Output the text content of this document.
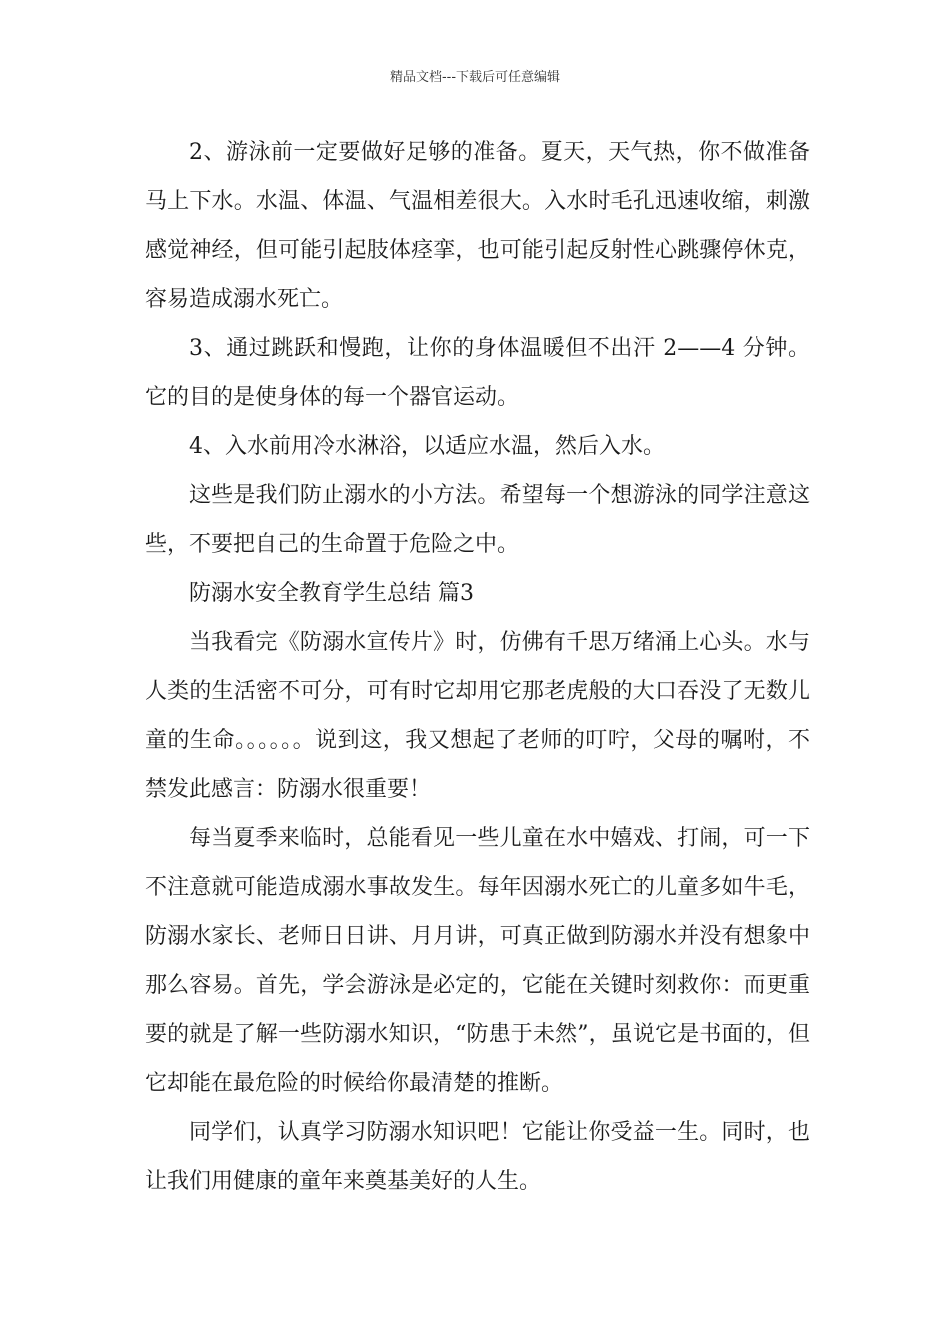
精品文档---下载后可任意编辑

2、游泳前一定要做好足够的准备。夏天，天气热，你不做准备马上下水。水温、体温、气温相差很大。入水时毛孔迅速收缩，刺激感觉神经，但可能引起肢体痉挛，也可能引起反射性心跳骤停休克，容易造成溺水死亡。

3、通过跳跃和慢跑，让你的身体温暖但不出汗 2——4 分钟。它的目的是使身体的每一个器官运动。

4、入水前用冷水淋浴，以适应水温，然后入水。

这些是我们防止溺水的小方法。希望每一个想游泳的同学注意这些，不要把自己的生命置于危险之中。

防溺水安全教育学生总结 篇3

当我看完《防溺水宣传片》时，仿佛有千思万绪涌上心头。水与人类的生活密不可分，可有时它却用它那老虎般的大口吞没了无数儿童的生命。。。。。。说到这，我又想起了老师的叮咛，父母的嘱咐，不禁发此感言：防溺水很重要！

每当夏季来临时，总能看见一些儿童在水中嬉戏、打闹，可一下不注意就可能造成溺水事故发生。每年因溺水死亡的儿童多如牛毛，防溺水家长、老师日日讲、月月讲，可真正做到防溺水并没有想象中那么容易。首先，学会游泳是必定的，它能在关键时刻救你：而更重要的就是了解一些防溺水知识，“防患于未然”，虽说它是书面的，但它却能在最危险的时候给你最清楚的推断。

同学们，认真学习防溺水知识吧！它能让你受益一生。同时，也让我们用健康的童年来奠基美好的人生。
